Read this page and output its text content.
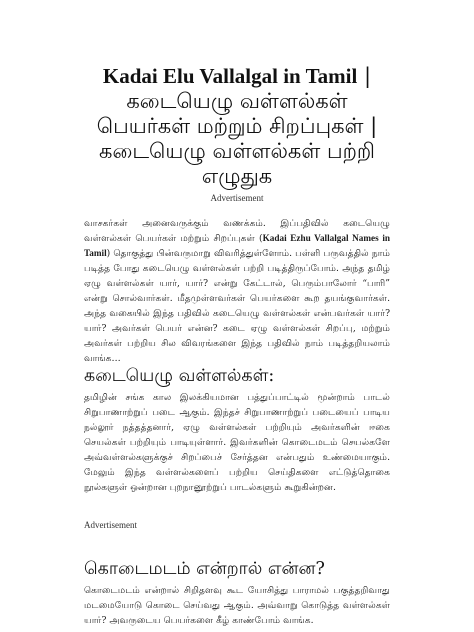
Kadai Elu Vallalgal in Tamil | கடையெழு வள்ளல்கள் பெயர்கள் மற்றும் சிறப்புகள் | கடையெழு வள்ளல்கள் பற்றி எழுதுக
Advertisement

வாசகர்கள் அனைவருக்கும் வணக்கம். இப்பதிவில் கடையெழு வள்ளல்கள் பெயர்கள் மற்றும் சிறப்புகள் (Kadai Ezhu Vallalgal Names in Tamil) தொகுத்து பின்வருமாறு விவரித்துள்ளோம். பள்ளி பருவத்தில் நாம் படித்த போது கடையெழு வள்ளல்கள் பற்றி படித்திருப்போம். அந்த தமிழ் ஏழு வள்ளல்கள் யார், யார்? என்று கேட்டால், பெரும்பாலோர் “பாரி” என்று சொல்வார்கள். மீதமுள்ளவர்கள் பெயர்களை கூற தயங்குவார்கள். அந்த வகையில் இந்த பதிவில் கடையெழு வள்ளல்கள் என்பவர்கள் யார்? யார்? அவர்கள் பெயர் என்ன? கடை ஏழு வள்ளல்கள் சிறப்பு, மற்றும் அவர்கள் பற்றிய சில விவரங்களை இந்த பதிவில் நாம் படித்தறியலாம் வாங்க…

கடையெழு வள்ளல்கள்:

தமிழின் சங்க கால இலக்கியமான பத்துப்பாட்டில் மூன்றாம் பாடல் சிறுபாணாற்றுப் படை ஆகும். இந்தச் சிறுபாணாற்றுப் படையைப் பாடிய நல்லூர் நத்தத்தனார், ஏழு வள்ளல்கள் பற்றியும் அவர்களின் ஈகை செயல்கள் பற்றியும் பாடியுள்ளார். இவர்களின் கொடைமடம் செயல்களே அவ்வள்ளல்களுக்குச் சிறப்பைச் சேர்த்தன என்பதும் உண்மையாகும். மேலும் இந்த வள்ளல்களைப் பற்றிய செய்திகளை எட்டுத்தொகை நூல்களுள் ஒன்றான புறநானூற்றுப் பாடல்களும் கூறுகின்றன.

Advertisement
கொடைமடம் என்றால் என்ன?

கொடைமடம் என்றால் சிறிதளவு கூட யோசித்து பாராமல் பகுத்தறிவாது மடமையோடு கொடை செய்வது ஆகும். அவ்வாறு கொடுத்த வள்ளல்கள் யார்? அவருடைய பெயர்களை கீழ் காண்போம் வாங்க.
